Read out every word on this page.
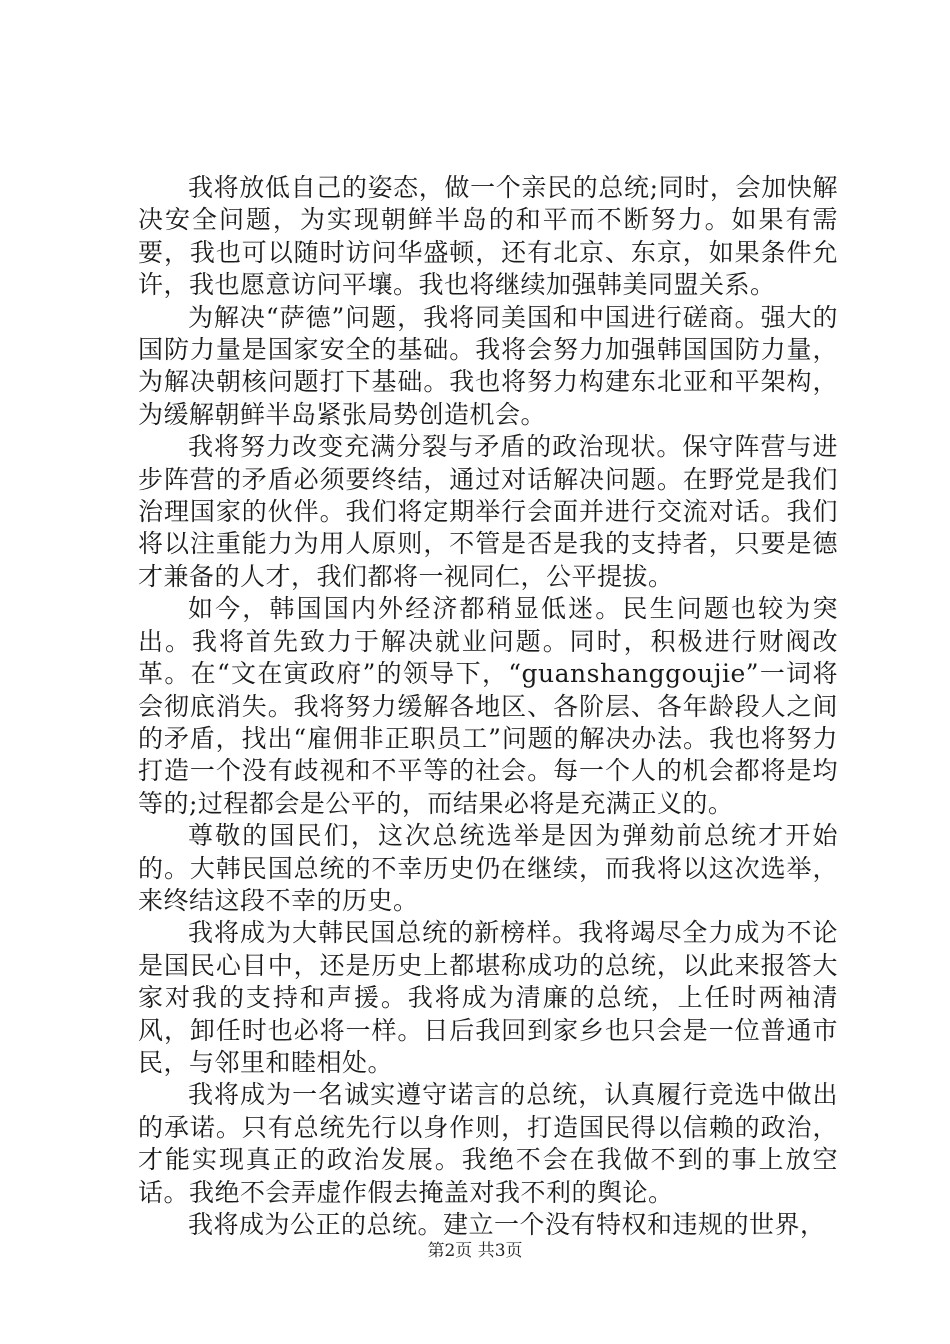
我将放低自己的姿态，做一个亲民的总统;同时，会加快解决安全问题，为实现朝鲜半岛的和平而不断努力。如果有需要，我也可以随时访问华盛顿，还有北京、东京，如果条件允许，我也愿意访问平壤。我也将继续加强韩美同盟关系。

为解决“萨德”问题，我将同美国和中国进行磋商。强大的国防力量是国家安全的基础。我将会努力加强韩国国防力量，为解决朝核问题打下基础。我也将努力构建东北亚和平架构，为缓解朝鲜半岛紧张局势创造机会。

我将努力改变充满分裂与矛盾的政治现状。保守阵营与进步阵营的矛盾必须要终结，通过对话解决问题。在野党是我们治理国家的伙伴。我们将定期举行会面并进行交流对话。我们将以注重能力为用人原则，不管是否是我的支持者，只要是德才兼备的人才，我们都将一视同仁，公平提拔。

如今，韩国国内外经济都稍显低迷。民生问题也较为突出。我将首先致力于解决就业问题。同时，积极进行财阀改革。在“文在寅政府”的领导下，“guanshanggoujie”一词将会彻底消失。我将努力缓解各地区、各阶层、各年龄段人之间的矛盾，找出“雇佣非正职员工”问题的解决办法。我也将努力打造一个没有歧视和不平等的社会。每一个人的机会都将是均等的;过程都会是公平的，而结果必将是充满正义的。

尊敬的国民们，这次总统选举是因为弹劾前总统才开始的。大韩民国总统的不幸历史仍在继续，而我将以这次选举，来终结这段不幸的历史。

我将成为大韩民国总统的新榜样。我将竭尽全力成为不论是国民心目中，还是历史上都堪称成功的总统，以此来报答大家对我的支持和声援。我将成为清廉的总统，上任时两袖清风，卸任时也必将一样。日后我回到家乡也只会是一位普通市民，与邻里和睦相处。

我将成为一名诚实遵守诺言的总统，认真履行竞选中做出的承诺。只有总统先行以身作则，打造国民得以信赖的政治，才能实现真正的政治发展。我绝不会在我做不到的事上放空话。我绝不会弄虚作假去掩盖对我不利的舆论。

我将成为公正的总统。建立一个没有特权和违规的世界，

第2页 共3页
